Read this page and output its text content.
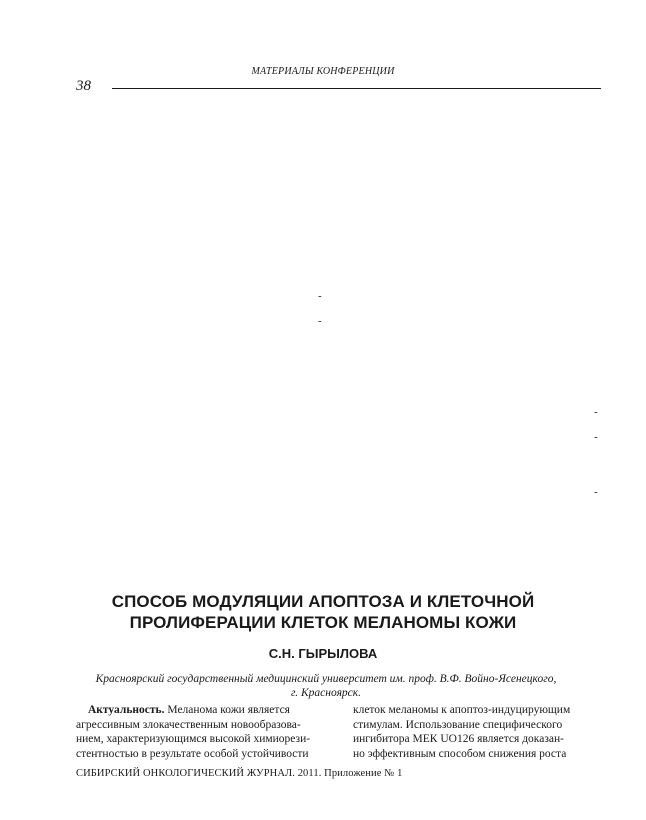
МАТЕРИАЛЫ КОНФЕРЕНЦИИ
38
-
-
-
-
-
СПОСОБ МОДУЛЯЦИИ АПОПТОЗА И КЛЕТОЧНОЙ
ПРОЛИФЕРАЦИИ КЛЕТОК МЕЛАНОМЫ КОЖИ
С.Н. ГЫРЫЛОВА
Красноярский государственный медицинский университет им. проф. В.Ф. Войно-Ясенецкого,
г. Красноярск.
Актуальность. Меланома кожи является
агрессивным злокачественным новообразова-
нием, характеризующимся высокой химиорези-
стентностью в результате особой устойчивости
клеток меланомы к апоптоз-индуцирующим
стимулам. Использование специфического
ингибитора МЕК UO126 является доказан-
но эффективным способом снижения роста
СИБИРСКИЙ ОНКОЛОГИЧЕСКИЙ ЖУРНАЛ. 2011. Приложение № 1
